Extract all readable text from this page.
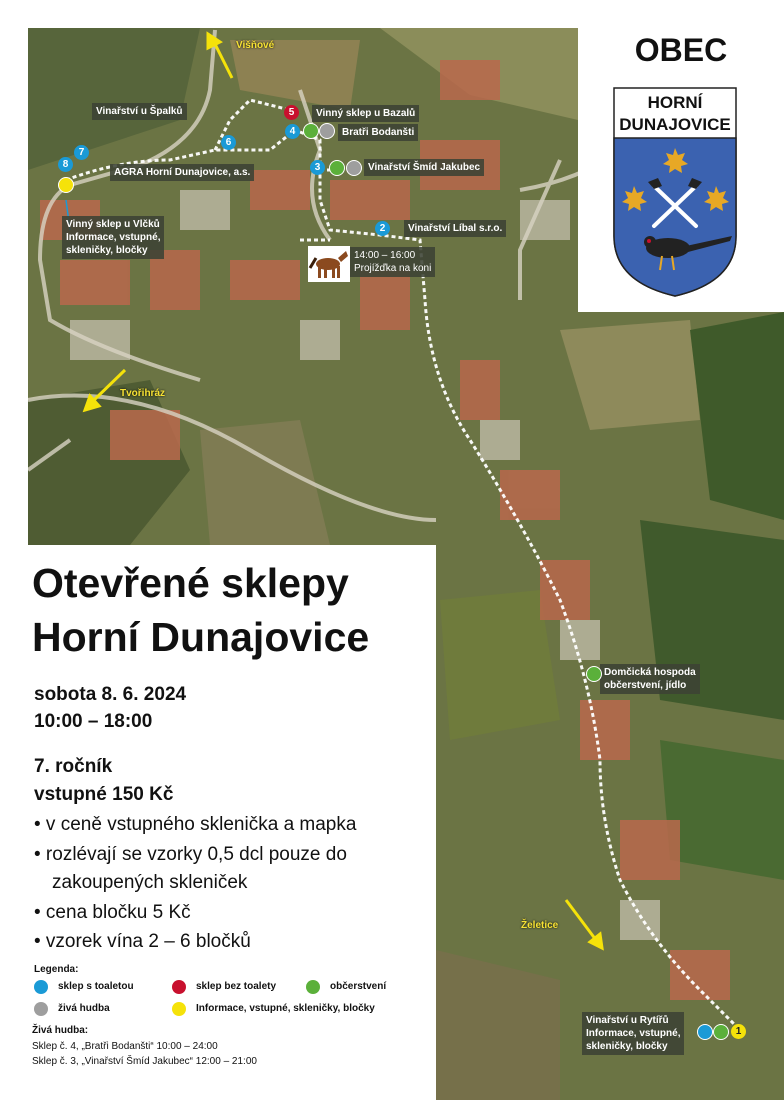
OBEC
HORNÍ
DUNAJOVICE
Višňové
Tvořihráz
Želetice
Vinařství u Špalků	Vinný sklep u Bazalů
Bratři Bodanšti
AGRA Horní Dunajovice, a.s.	Vinařství Šmíd Jakubec
Vinný sklep u Vlčků
Informace, vstupné,
skleničky, bločky
Vinařství Líbal s.r.o.
14:00 – 16:00
Projížďka na koni
Domčická hospoda
občerstvení, jídlo
Vinařství u Rytířů
Informace, vstupné,
skleničky, bločky
1
2
3
4
5
6
7
8
Otevřené sklepy
Horní Dunajovice
sobota 8. 6. 2024
10:00 – 18:00
7. ročník
vstupné 150 Kč
• v ceně vstupného sklenička a mapka
• rozlévají se vzorky 0,5 dcl pouze do
zakoupených skleniček
• cena bločku 5 Kč
• vzorek vína 2 – 6 bločků
Legenda:
sklep s toaletou	sklep bez toalety	občerstvení
živá hudba	Informace, vstupné, skleničky, bločky
Živá hudba:
Sklep č. 4, „Bratři Bodanšti“ 10:00 – 24:00
Sklep č. 3, „Vinařství Šmíd Jakubec“ 12:00 – 21:00
